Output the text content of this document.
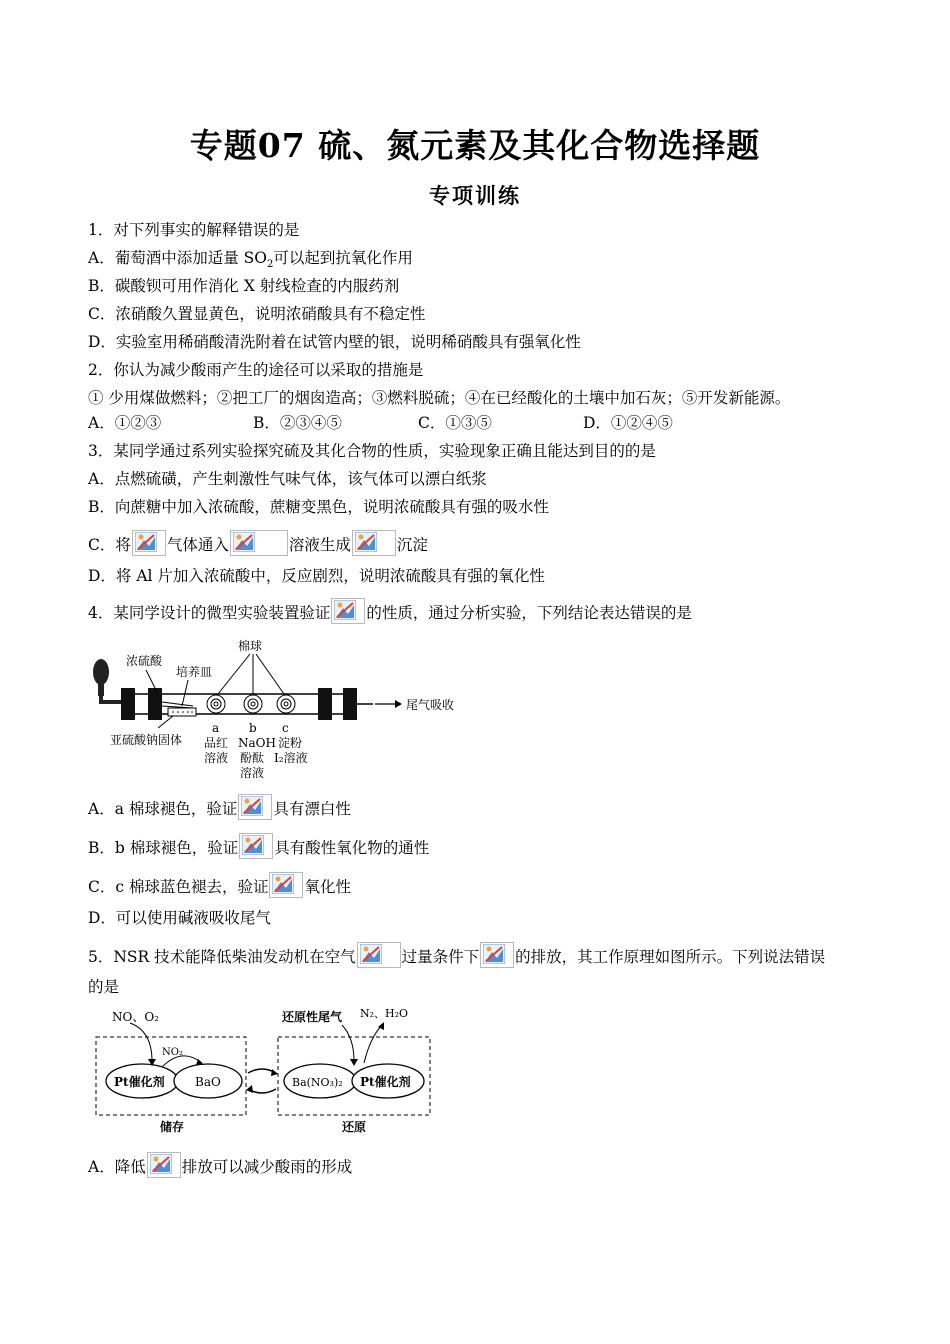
专题07 硫、氮元素及其化合物选择题
专项训练
1．对下列事实的解释错误的是
A．葡萄酒中添加适量 $SO_2$可以起到抗氧化作用
B．碳酸钡可用作消化 X 射线检查的内服药剂
C．浓硝酸久置显黄色，说明浓硝酸具有不稳定性
D．实验室用稀硝酸清洗附着在试管内壁的银，说明稀硝酸具有强氧化性
2．你认为减少酸雨产生的途径可以采取的措施是
① 少用煤做燃料；②把工厂的烟囱造高；③燃料脱硫；④在已经酸化的土壤中加石灰；⑤开发新能源。
A．①②③	B．②③④⑤	C．①③⑤	D．①②④⑤
3．某同学通过系列实验探究硫及其化合物的性质，实验现象正确且能达到目的的是
A．点燃硫磺，产生刺激性气味气体，该气体可以漂白纸浆
B．向蔗糖中加入浓硫酸，蔗糖变黑色，说明浓硫酸具有强的吸水性
C．将 气体通入	溶液生成	沉淀
D．将 Al 片加入浓硫酸中，反应剧烈，说明浓硫酸具有强的氧化性
4．某同学设计的微型实验装置验证 的性质，通过分析实验，下列结论表达错误的是
浓硫酸
培养皿
棉球
尾气吸收
亚硫酸钠固体
a b c
品红
溶液
NaOH
酚酞
溶液
淀粉
I₂溶液
A．a 棉球褪色，验证 具有漂白性
B．b 棉球褪色，验证 具有酸性氧化物的通性
C．c 棉球蓝色褪去，验证 氧化性
D．可以使用碱液吸收尾气
5．NSR 技术能降低柴油发动机在空气	过量条件下 的排放，其工作原理如图所示。下列说法错误
的是
NO、O₂
NO₂
Pt催化剂	BaO
储存
还原性尾气 N₂、H₂O
Ba(NO₃)₂ Pt催化剂
还原
A．降低 排放可以减少酸雨的形成
